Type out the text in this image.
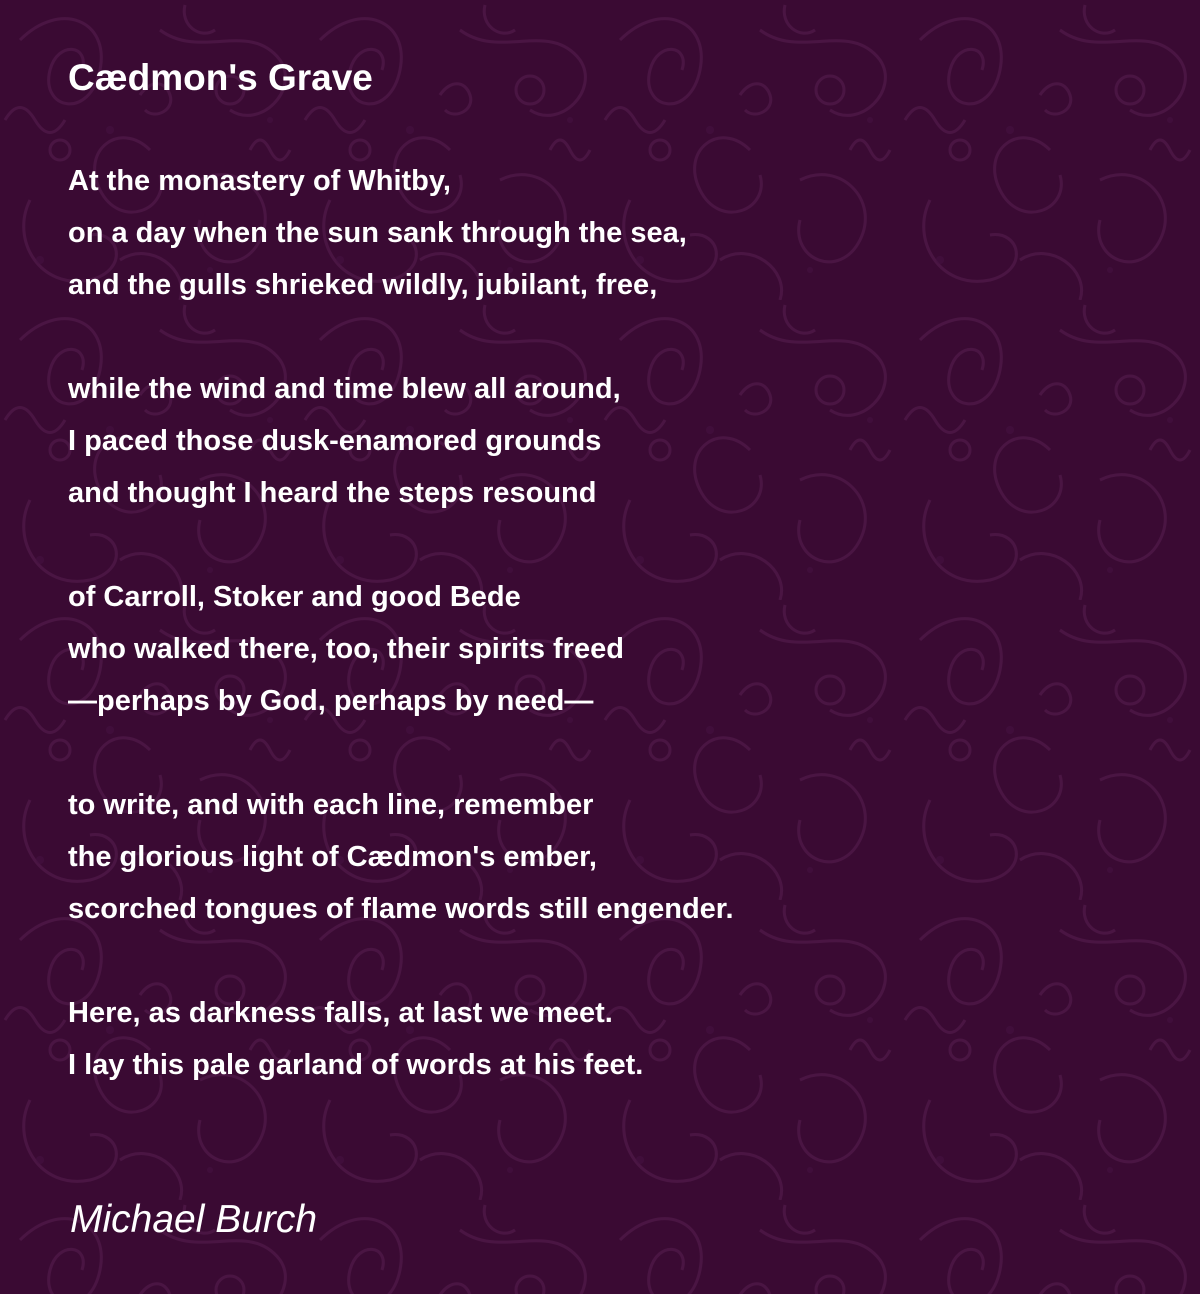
Cædmon's Grave
At the monastery of Whitby,
on a day when the sun sank through the sea,
and the gulls shrieked wildly, jubilant, free,
while the wind and time blew all around,
I paced those dusk-enamored grounds
and thought I heard the steps resound
of Carroll, Stoker and good Bede
who walked there, too, their spirits freed
—perhaps by God, perhaps by need—
to write, and with each line, remember
the glorious light of Cædmon's ember,
scorched tongues of flame words still engender.
Here, as darkness falls, at last we meet.
I lay this pale garland of words at his feet.

Michael Burch
